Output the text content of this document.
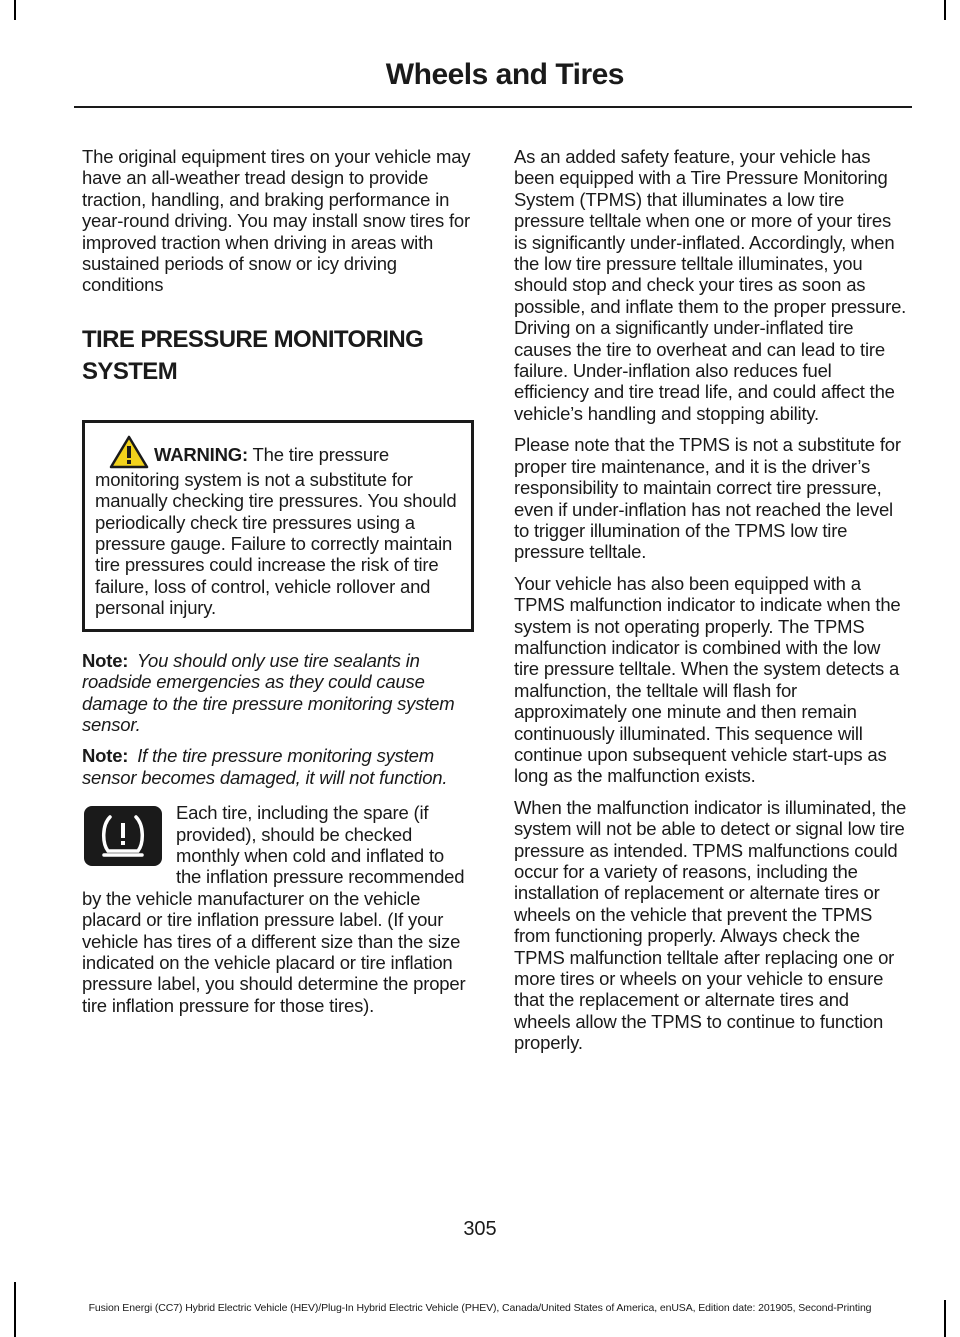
Wheels and Tires

The original equipment tires on your vehicle may have an all-weather tread design to provide traction, handling, and braking performance in year-round driving. You may install snow tires for improved traction when driving in areas with sustained periods of snow or icy driving conditions

TIRE PRESSURE MONITORING SYSTEM
WARNING: The tire pressure monitoring system is not a substitute for manually checking tire pressures. You should periodically check tire pressures using a pressure gauge. Failure to correctly maintain tire pressures could increase the risk of tire failure, loss of control, vehicle rollover and personal injury.

Note: You should only use tire sealants in roadside emergencies as they could cause damage to the tire pressure monitoring system sensor.

Note: If the tire pressure monitoring system sensor becomes damaged, it will not function.

Each tire, including the spare (if provided), should be checked monthly when cold and inflated to the inflation pressure recommended by the vehicle manufacturer on the vehicle placard or tire inflation pressure label. (If your vehicle has tires of a different size than the size indicated on the vehicle placard or tire inflation pressure label, you should determine the proper tire inflation pressure for those tires).

As an added safety feature, your vehicle has been equipped with a Tire Pressure Monitoring System (TPMS) that illuminates a low tire pressure telltale when one or more of your tires is significantly under-inflated. Accordingly, when the low tire pressure telltale illuminates, you should stop and check your tires as soon as possible, and inflate them to the proper pressure. Driving on a significantly under-inflated tire causes the tire to overheat and can lead to tire failure. Under-inflation also reduces fuel efficiency and tire tread life, and could affect the vehicle’s handling and stopping ability.

Please note that the TPMS is not a substitute for proper tire maintenance, and it is the driver’s responsibility to maintain correct tire pressure, even if under-inflation has not reached the level to trigger illumination of the TPMS low tire pressure telltale.

Your vehicle has also been equipped with a TPMS malfunction indicator to indicate when the system is not operating properly. The TPMS malfunction indicator is combined with the low tire pressure telltale. When the system detects a malfunction, the telltale will flash for approximately one minute and then remain continuously illuminated. This sequence will continue upon subsequent vehicle start-ups as long as the malfunction exists.

When the malfunction indicator is illuminated, the system will not be able to detect or signal low tire pressure as intended. TPMS malfunctions could occur for a variety of reasons, including the installation of replacement or alternate tires or wheels on the vehicle that prevent the TPMS from functioning properly. Always check the TPMS malfunction telltale after replacing one or more tires or wheels on your vehicle to ensure that the replacement or alternate tires and wheels allow the TPMS to continue to function properly.

305
Fusion Energi (CC7) Hybrid Electric Vehicle (HEV)/Plug-In Hybrid Electric Vehicle (PHEV), Canada/United States of America, enUSA, Edition date: 201905, Second-Printing
